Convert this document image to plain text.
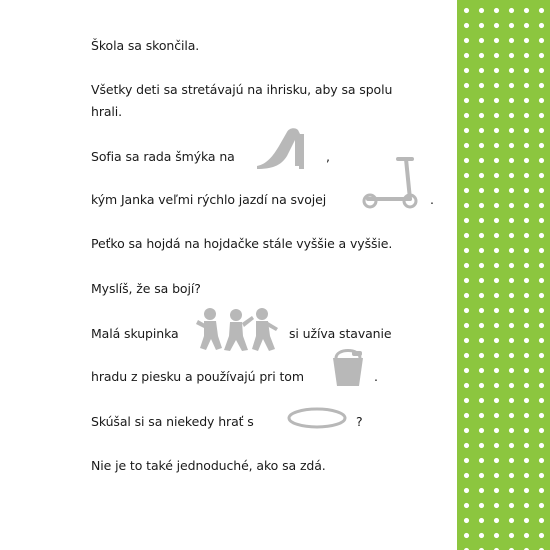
Škola sa skončila.
Všetky deti sa stretávajú na ihrisku, aby sa spolu
hrali.
Sofia sa rada šmýka na	,
kým Janka veľmi rýchlo jazdí na svojej	.
Peťko sa hojdá na hojdačke stále vyššie a vyššie.
Myslíš, že sa bojí?
Malá skupinka	si užíva stavanie
hradu z piesku a používajú pri tom	.
Skúšal si sa niekedy hrať s	?
Nie je to také jednoduché, ako sa zdá.
